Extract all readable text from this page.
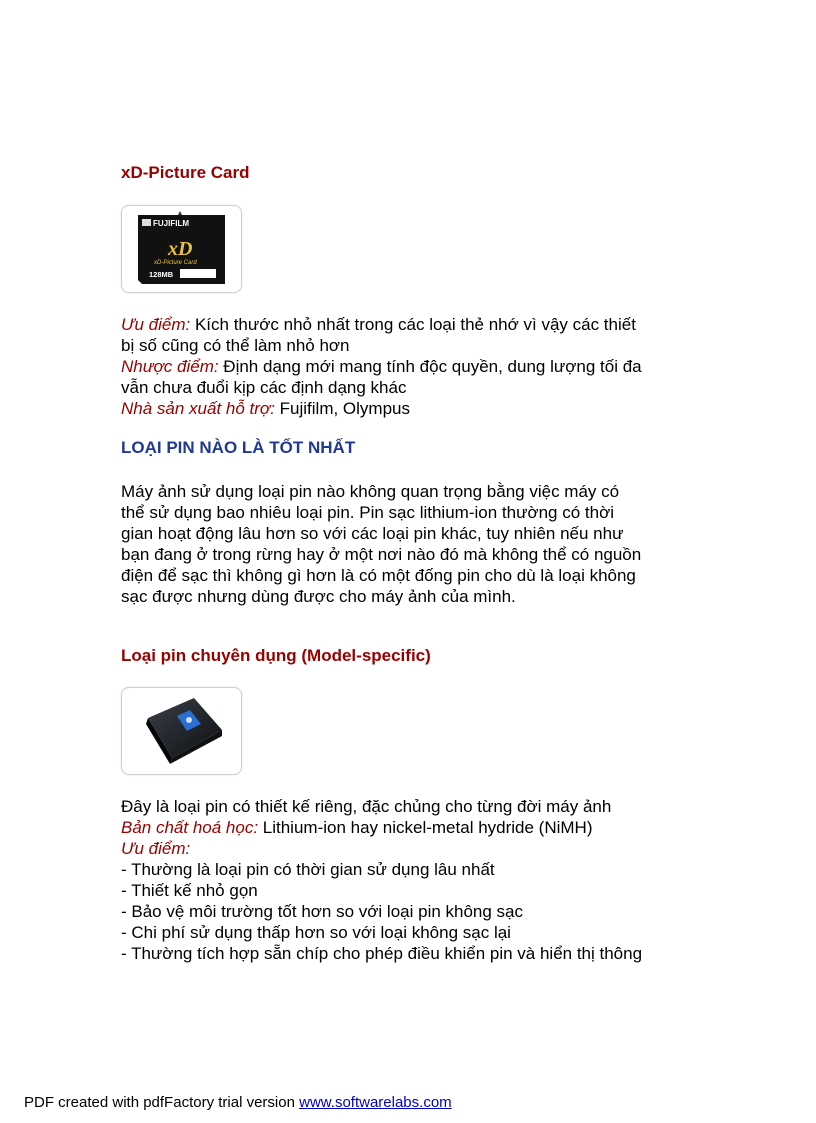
xD-Picture Card
FUJIFILM
xD
xD-Picture Card
128MB
Ưu điểm: Kích thước nhỏ nhất trong các loại thẻ nhớ vì vậy các thiết
bị số cũng có thể làm nhỏ hơn
Nhược điểm: Định dạng mới mang tính độc quyền, dung lượng tối đa
vẫn chưa đuổi kịp các định dạng khác
Nhà sản xuất hỗ trợ: Fujifilm, Olympus
LOẠI PIN NÀO LÀ TỐT NHẤT
Máy ảnh sử dụng loại pin nào không quan trọng bằng việc máy có
thể sử dụng bao nhiêu loại pin. Pin sạc lithium-ion thường có thời
gian hoạt động lâu hơn so với các loại pin khác, tuy nhiên nếu như
bạn đang ở trong rừng hay ở một nơi nào đó mà không thể có nguồn
điện để sạc thì không gì hơn là có một đống pin cho dù là loại không
sạc được nhưng dùng được cho máy ảnh của mình.
Loại pin chuyên dụng (Model-specific)
Đây là loại pin có thiết kế riêng, đặc chủng cho từng đời máy ảnh
Bản chất hoá học: Lithium-ion hay nickel-metal hydride (NiMH)
Ưu điểm:
- Thường là loại pin có thời gian sử dụng lâu nhất
- Thiết kế nhỏ gọn
- Bảo vệ môi trường tốt hơn so với loại pin không sạc
- Chi phí sử dụng thấp hơn so với loại không sạc lại
- Thường tích hợp sẵn chíp cho phép điều khiển pin và hiển thị thông
PDF created with pdfFactory trial version www.softwarelabs.com
